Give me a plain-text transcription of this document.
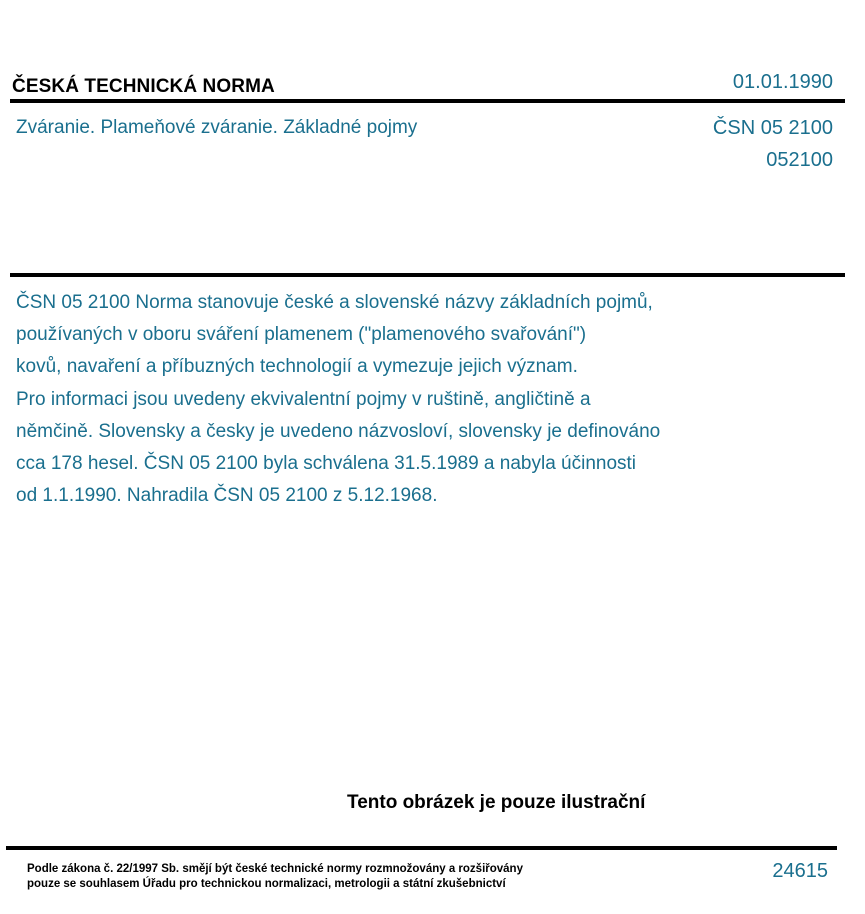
ČESKÁ TECHNICKÁ NORMA	01.01.1990
Zváranie. Plameňové zváranie. Základné pojmy	ČSN 05 2100
052100
ČSN 05 2100 Norma stanovuje české a slovenské názvy základních pojmů,
používaných v oboru sváření plamenem ("plamenového svařování")
kovů, navaření a příbuzných technologií a vymezuje jejich význam.
Pro informaci jsou uvedeny ekvivalentní pojmy v ruštině, angličtině a
němčině. Slovensky a česky je uvedeno názvosloví, slovensky je definováno
cca 178 hesel. ČSN 05 2100 byla schválena 31.5.1989 a nabyla účinnosti
od 1.1.1990. Nahradila ČSN 05 2100 z 5.12.1968.
Tento obrázek je pouze ilustrační
Podle zákona č. 22/1997 Sb. smějí být české technické normy rozmnožovány a rozšiřovány
pouze se souhlasem Úřadu pro technickou normalizaci, metrologii a státní zkušebnictví
24615
